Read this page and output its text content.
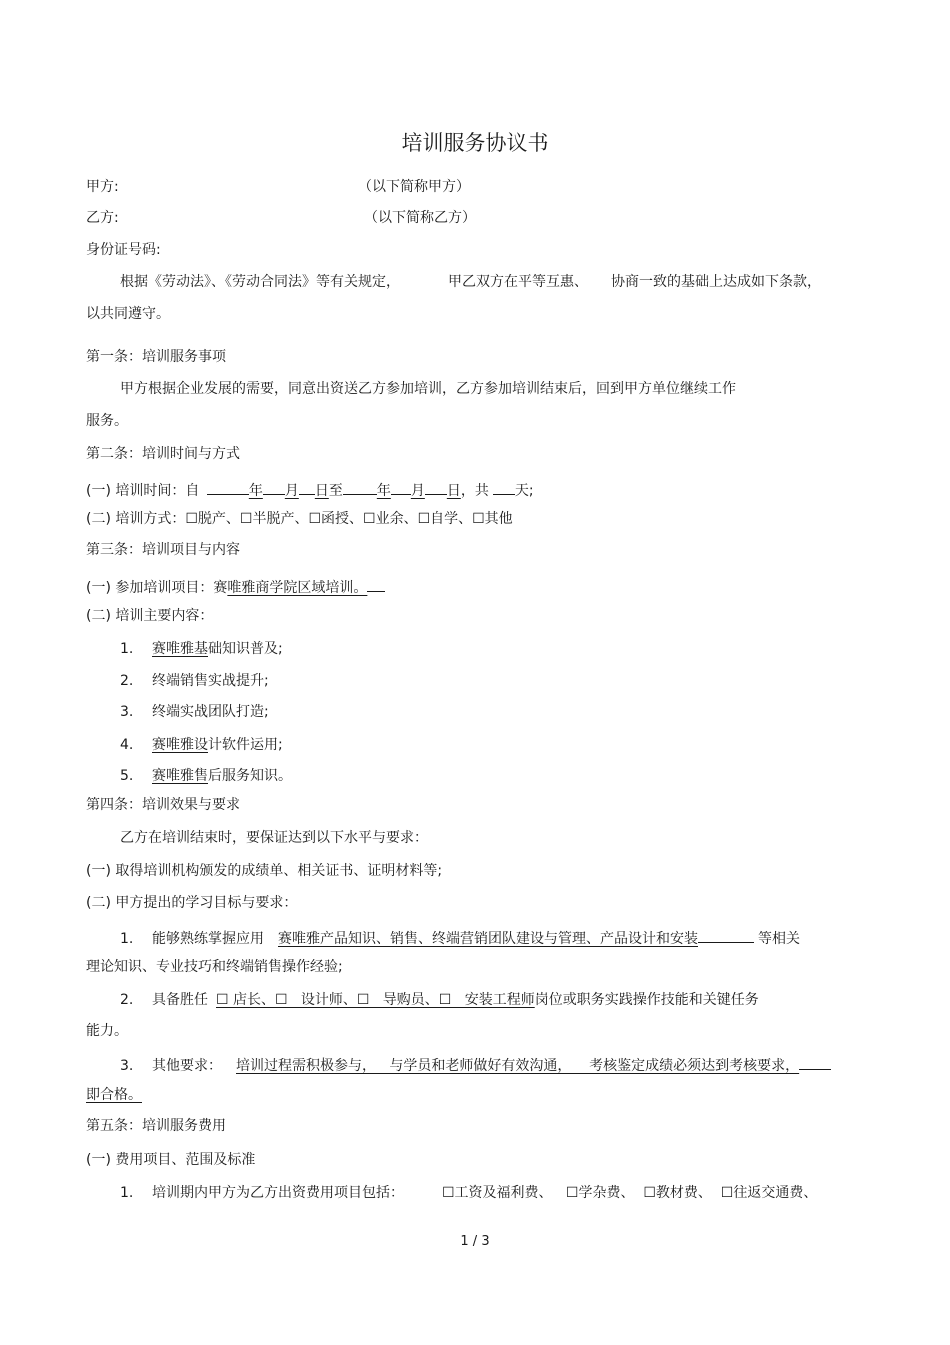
培训服务协议书
甲方:	（以下简称甲方）
乙方:	（以下简称乙方）
身份证号码:
根据《劳动法》、《劳动合同法》等有关规定，	甲乙双方在平等互惠、 协商一致的基础上达成如下条款，
以共同遵守。
第一条：培训服务事项
甲方根据企业发展的需要，同意出资送乙方参加培训，乙方参加培训结束后，回到甲方单位继续工作
服务。
第二条：培训时间与方式
(一) 培训时间：自	年 月 日至 年 月 日，共 天;
(二) 培训方式：☐脱产、☐半脱产、☐函授、☐业余、☐自学、☐其他
第三条：培训项目与内容
(一) 参加培训项目：赛唯雅商学院区域培训。
(二) 培训主要内容：
1. 赛唯雅基础知识普及;
2. 终端销售实战提升;
3. 终端实战团队打造;
4. 赛唯雅设计软件运用;
5. 赛唯雅售后服务知识。
第四条：培训效果与要求
乙方在培训结束时，要保证达到以下水平与要求：
(一) 取得培训机构颁发的成绩单、相关证书、证明材料等;
(二) 甲方提出的学习目标与要求：
1. 能够熟练掌握应用 赛唯雅产品知识、销售、终端营销团队建设与管理、产品设计和安装	等相关
理论知识、专业技巧和终端销售操作经验;
2. 具备胜任 ☐ 店长、☐   设计师、☐   导购员、☐   安装工程师岗位或职务实践操作技能和关键任务
能力。
3. 其他要求： 培训过程需积极参与，   与学员和老师做好有效沟通，    考核鉴定成绩必须达到考核要求，
即合格。
第五条：培训服务费用
(一) 费用项目、范围及标准
1. 培训期内甲方为乙方出资费用项目包括：	☐工资及福利费、   ☐学杂费、  ☐教材费、  ☐往返交通费、
1 / 3
